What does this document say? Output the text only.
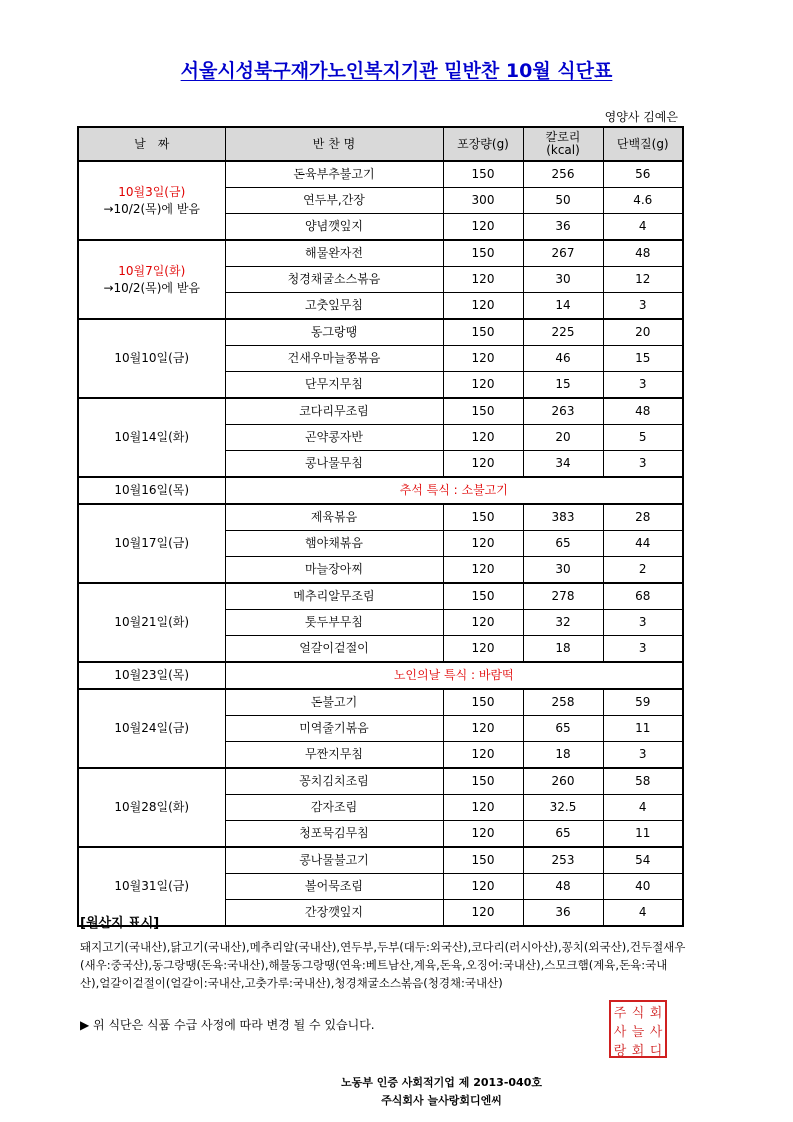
서울시성북구재가노인복지기관 밑반찬 10월 식단표
영양사 김예은
날　짜	반 찬 명	포장량(g)	칼로리
(kcal)	단백질(g)

10월3일(금)
→10/2(목)에 받음	돈육부추불고기	150	256	56
	연두부,간장	300	50	4.6
	양념깻잎지	120	36	4

10월7일(화)
→10/2(목)에 받음	해물완자전	150	267	48
	청경채굴소스볶음	120	30	12
	고춧잎무침	120	14	3

10월10일(금)	동그랑땡	150	225	20
	건새우마늘쫑볶음	120	46	15
	단무지무침	120	15	3

10월14일(화)	코다리무조림	150	263	48
	곤약콩자반	120	20	5
	콩나물무침	120	34	3
10월16일(목)	추석 특식 : 소불고기			

10월17일(금)	제육볶음	150	383	28
	햄야채볶음	120	65	44
	마늘장아찌	120	30	2

10월21일(화)	메추리알무조림	150	278	68
	톳두부무침	120	32	3
	얼갈이겉절이	120	18	3
10월23일(목)	노인의날 특식 : 바람떡			

10월24일(금)	돈불고기	150	258	59
	미역줄기볶음	120	65	11
	무짠지무침	120	18	3

10월28일(화)	꽁치김치조림	150	260	58
	감자조림	120	32.5	4
	청포묵김무침	120	65	11

10월31일(금)	콩나물불고기	150	253	54
	볼어묵조림	120	48	40
	간장깻잎지	120	36	4
[원산지 표시]
돼지고기(국내산),닭고기(국내산),메추리알(국내산),연두부,두부(대두:외국산),코다리(러시아산),꽁치(외국산),건두절새우(새우:중국산),동그랑땡(돈육:국내산),해물동그랑땡(연육:베트남산,계육,돈육,오징어:국내산),스모크햄(계육,돈육:국내산),얼갈이겉절이(얼갈이:국내산,고춧가루:국내산),청경채굴소스볶음(청경채:국내산)
▶ 위 식단은 식품 수급 사정에 따라 변경 될 수 있습니다.
주 식 회
사 늘 사
랑 회 디
노동부 인증 사회적기업 제 2013-040호
주식회사 늘사랑회디엔씨
